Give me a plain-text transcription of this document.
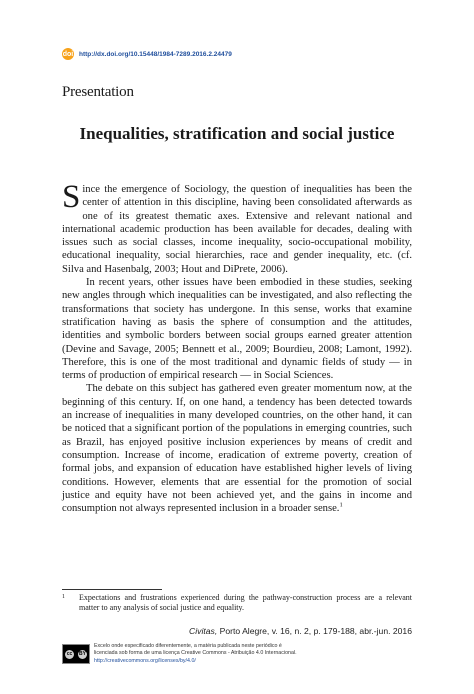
doi http://dx.doi.org/10.15448/1984-7289.2016.2.24479
Presentation
Inequalities, stratification and social justice

Since the emergence of Sociology, the question of inequalities has been the center of attention in this discipline, having been consolidated afterwards as one of its greatest thematic axes. Extensive and relevant national and international academic production has been available for decades, dealing with issues such as social classes, income inequality, socio-occupational mobility, educational inequality, social hierarchies, race and gender inequality, etc. (cf. Silva and Hasenbalg, 2003; Hout and DiPrete, 2006).

In recent years, other issues have been embodied in these studies, seeking new angles through which inequalities can be investigated, and also reflecting the transformations that society has undergone. In this sense, works that examine stratification having as basis the sphere of consumption and the attitudes, identities and symbolic borders between social groups earned greater attention (Devine and Savage, 2005; Bennett et al., 2009; Bourdieu, 2008; Lamont, 1992). Therefore, this is one of the most traditional and dynamic fields of study — in terms of production of empirical research — in Social Sciences.

The debate on this subject has gathered even greater momentum now, at the beginning of this century. If, on one hand, a tendency has been detected towards an increase of inequalities in many developed countries, on the other hand, it can be noticed that a significant portion of the populations in emerging countries, such as Brazil, has enjoyed positive inclusion experiences by means of credit and consumption. Increase of income, eradication of extreme poverty, creation of formal jobs, and expansion of education have established higher levels of living conditions. However, elements that are essential for the promotion of social justice and equity have not been achieved yet, and the gains in income and consumption not always represented inclusion in a broader sense.$^1$

1	Expectations and frustrations experienced during the pathway-construction process are a relevant matter to any analysis of social justice and equality.
Civitas, Porto Alegre, v. 16, n. 2, p. 179-188, abr.-jun. 2016
cc	BY
Excelo onde especificado diferentemente, a matéria publicada neste periódico é
licenciada sob forma de uma licença Creative Commons - Atribuição 4.0 Internacional.
http://creativecommons.org/licenses/by/4.0/
